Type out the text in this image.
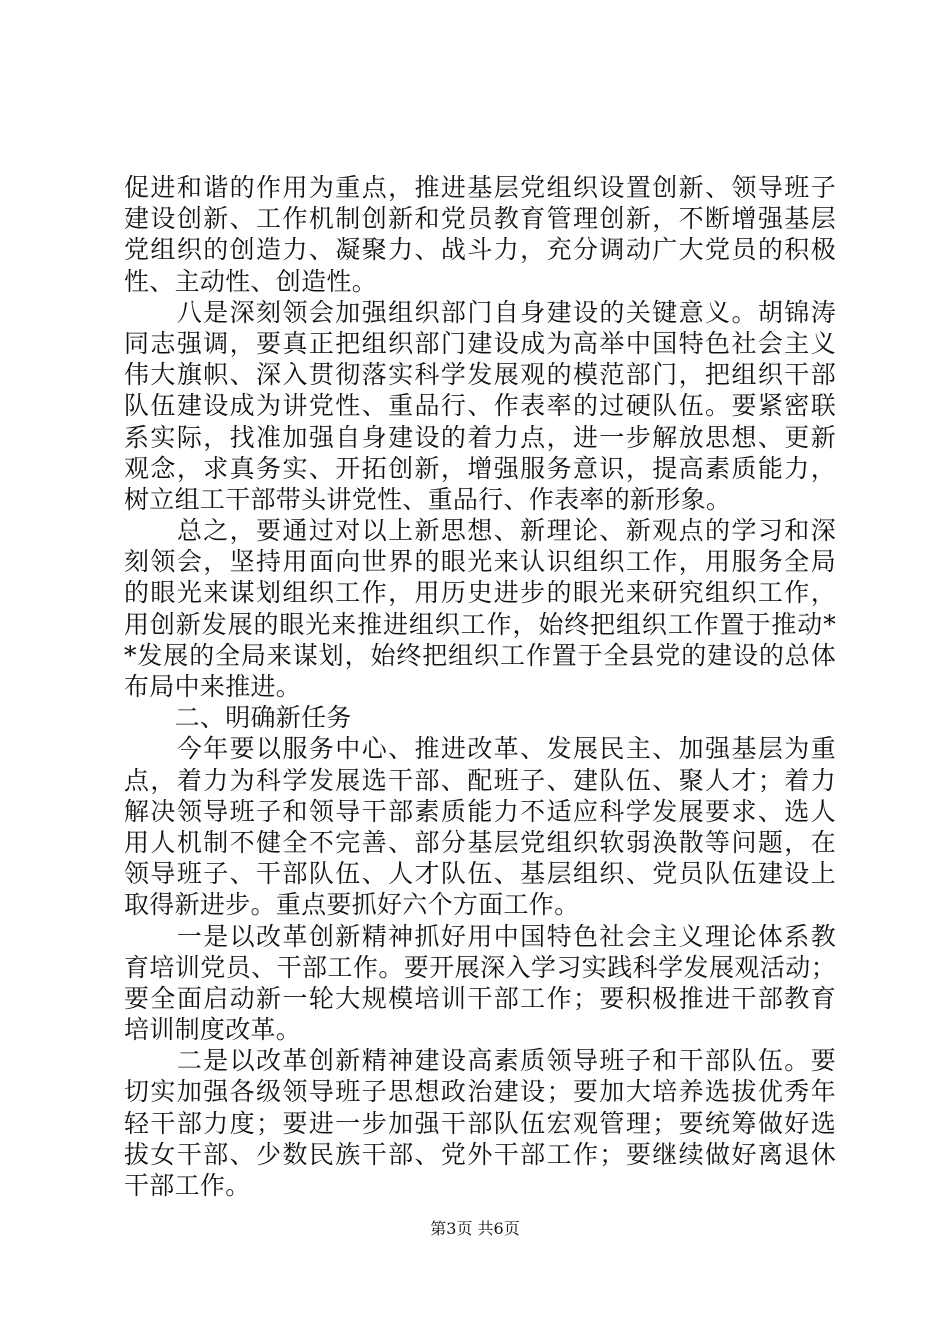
促进和谐的作用为重点，推进基层党组织设置创新、领导班子
建设创新、工作机制创新和党员教育管理创新，不断增强基层
党组织的创造力、凝聚力、战斗力，充分调动广大党员的积极
性、主动性、创造性。
　　八是深刻领会加强组织部门自身建设的关键意义。胡锦涛
同志强调，要真正把组织部门建设成为高举中国特色社会主义
伟大旗帜、深入贯彻落实科学发展观的模范部门，把组织干部
队伍建设成为讲党性、重品行、作表率的过硬队伍。要紧密联
系实际，找准加强自身建设的着力点，进一步解放思想、更新
观念，求真务实、开拓创新，增强服务意识，提高素质能力，
树立组工干部带头讲党性、重品行、作表率的新形象。
　　总之，要通过对以上新思想、新理论、新观点的学习和深
刻领会，坚持用面向世界的眼光来认识组织工作，用服务全局
的眼光来谋划组织工作，用历史进步的眼光来研究组织工作，
用创新发展的眼光来推进组织工作，始终把组织工作置于推动*
*发展的全局来谋划，始终把组织工作置于全县党的建设的总体
布局中来推进。
　　二、明确新任务
　　今年要以服务中心、推进改革、发展民主、加强基层为重
点，着力为科学发展选干部、配班子、建队伍、聚人才；着力
解决领导班子和领导干部素质能力不适应科学发展要求、选人
用人机制不健全不完善、部分基层党组织软弱涣散等问题，在
领导班子、干部队伍、人才队伍、基层组织、党员队伍建设上
取得新进步。重点要抓好六个方面工作。
　　一是以改革创新精神抓好用中国特色社会主义理论体系教
育培训党员、干部工作。要开展深入学习实践科学发展观活动；
要全面启动新一轮大规模培训干部工作；要积极推进干部教育
培训制度改革。
　　二是以改革创新精神建设高素质领导班子和干部队伍。要
切实加强各级领导班子思想政治建设；要加大培养选拔优秀年
轻干部力度；要进一步加强干部队伍宏观管理；要统筹做好选
拔女干部、少数民族干部、党外干部工作；要继续做好离退休
干部工作。
第3页 共6页
